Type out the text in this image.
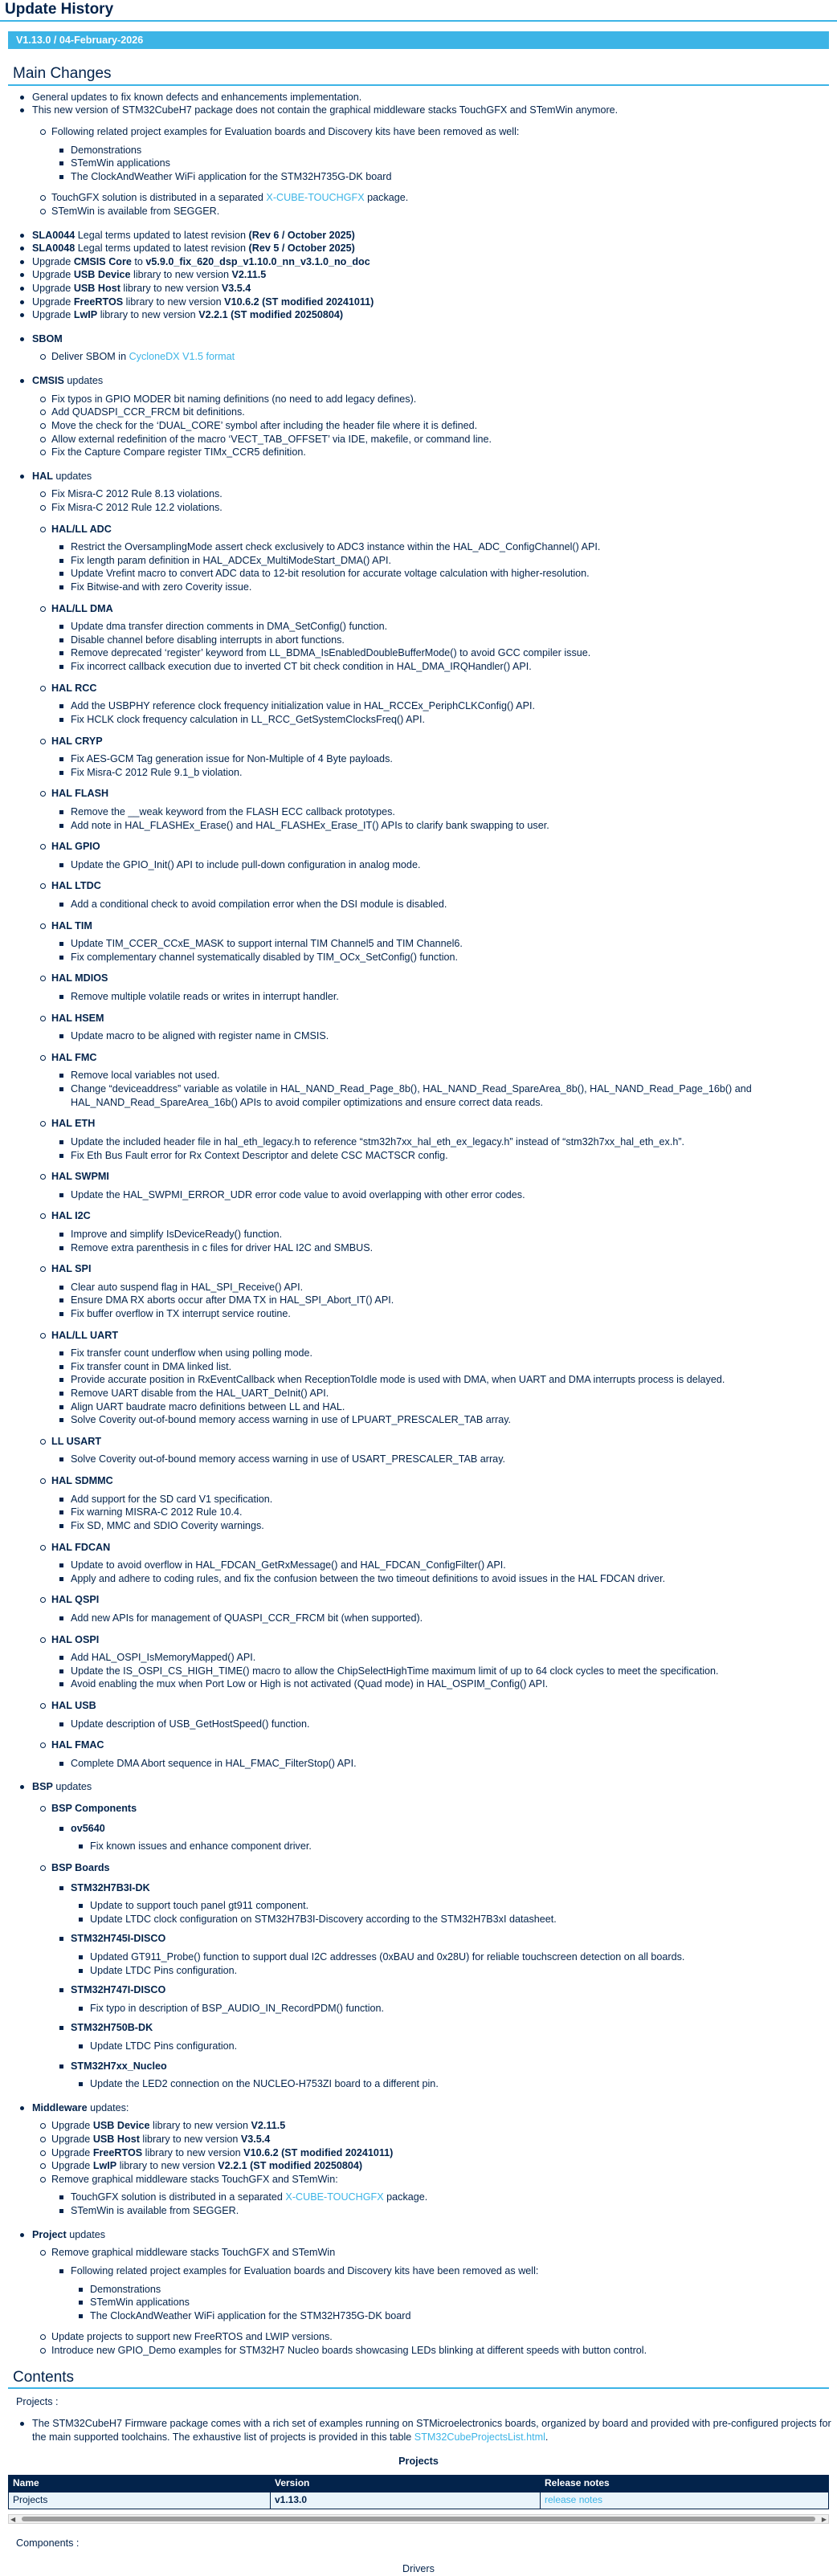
Update History
V1.13.0 / 04-February-2026
Main Changes
General updates to fix known defects and enhancements implementation.
This new version of STM32CubeH7 package does not contain the graphical middleware stacks TouchGFX and STemWin anymore.
Following related project examples for Evaluation boards and Discovery kits have been removed as well:
Demonstrations
STemWin applications
The ClockAndWeather WiFi application for the STM32H735G-DK board
TouchGFX solution is distributed in a separated X-CUBE-TOUCHGFX package.
STemWin is available from SEGGER.
SLA0044 Legal terms updated to latest revision (Rev 6 / October 2025)
SLA0048 Legal terms updated to latest revision (Rev 5 / October 2025)
Upgrade CMSIS Core to v5.9.0_fix_620_dsp_v1.10.0_nn_v3.1.0_no_doc
Upgrade USB Device library to new version V2.11.5
Upgrade USB Host library to new version V3.5.4
Upgrade FreeRTOS library to new version V10.6.2 (ST modified 20241011)
Upgrade LwIP library to new version V2.2.1 (ST modified 20250804)
SBOM
Deliver SBOM in CycloneDX V1.5 format
CMSIS updates
Fix typos in GPIO MODER bit naming definitions (no need to add legacy defines).
Add QUADSPI_CCR_FRCM bit definitions.
Move the check for the ‘DUAL_CORE’ symbol after including the header file where it is defined.
Allow external redefinition of the macro ‘VECT_TAB_OFFSET’ via IDE, makefile, or command line.
Fix the Capture Compare register TIMx_CCR5 definition.
HAL updates
Fix Misra-C 2012 Rule 8.13 violations.
Fix Misra-C 2012 Rule 12.2 violations.
HAL/LL ADC
Restrict the OversamplingMode assert check exclusively to ADC3 instance within the HAL_ADC_ConfigChannel() API.
Fix length param definition in HAL_ADCEx_MultiModeStart_DMA() API.
Update Vrefint macro to convert ADC data to 12-bit resolution for accurate voltage calculation with higher-resolution.
Fix Bitwise-and with zero Coverity issue.
HAL/LL DMA
Update dma transfer direction comments in DMA_SetConfig() function.
Disable channel before disabling interrupts in abort functions.
Remove deprecated ‘register’ keyword from LL_BDMA_IsEnabledDoubleBufferMode() to avoid GCC compiler issue.
Fix incorrect callback execution due to inverted CT bit check condition in HAL_DMA_IRQHandler() API.
HAL RCC
Add the USBPHY reference clock frequency initialization value in HAL_RCCEx_PeriphCLKConfig() API.
Fix HCLK clock frequency calculation in LL_RCC_GetSystemClocksFreq() API.
HAL CRYP
Fix AES-GCM Tag generation issue for Non-Multiple of 4 Byte payloads.
Fix Misra-C 2012 Rule 9.1_b violation.
HAL FLASH
Remove the __weak keyword from the FLASH ECC callback prototypes.
Add note in HAL_FLASHEx_Erase() and HAL_FLASHEx_Erase_IT() APIs to clarify bank swapping to user.
HAL GPIO
Update the GPIO_Init() API to include pull-down configuration in analog mode.
HAL LTDC
Add a conditional check to avoid compilation error when the DSI module is disabled.
HAL TIM
Update TIM_CCER_CCxE_MASK to support internal TIM Channel5 and TIM Channel6.
Fix complementary channel systematically disabled by TIM_OCx_SetConfig() function.
HAL MDIOS
Remove multiple volatile reads or writes in interrupt handler.
HAL HSEM
Update macro to be aligned with register name in CMSIS.
HAL FMC
Remove local variables not used.
Change “deviceaddress” variable as volatile in HAL_NAND_Read_Page_8b(), HAL_NAND_Read_SpareArea_8b(), HAL_NAND_Read_Page_16b() and HAL_NAND_Read_SpareArea_16b() APIs to avoid compiler optimizations and ensure correct data reads.
HAL ETH
Update the included header file in hal_eth_legacy.h to reference “stm32h7xx_hal_eth_ex_legacy.h” instead of “stm32h7xx_hal_eth_ex.h”.
Fix Eth Bus Fault error for Rx Context Descriptor and delete CSC MACTSCR config.
HAL SWPMI
Update the HAL_SWPMI_ERROR_UDR error code value to avoid overlapping with other error codes.
HAL I2C
Improve and simplify IsDeviceReady() function.
Remove extra parenthesis in c files for driver HAL I2C and SMBUS.
HAL SPI
Clear auto suspend flag in HAL_SPI_Receive() API.
Ensure DMA RX aborts occur after DMA TX in HAL_SPI_Abort_IT() API.
Fix buffer overflow in TX interrupt service routine.
HAL/LL UART
Fix transfer count underflow when using polling mode.
Fix transfer count in DMA linked list.
Provide accurate position in RxEventCallback when ReceptionToIdle mode is used with DMA, when UART and DMA interrupts process is delayed.
Remove UART disable from the HAL_UART_DeInit() API.
Align UART baudrate macro definitions between LL and HAL.
Solve Coverity out-of-bound memory access warning in use of LPUART_PRESCALER_TAB array.
LL USART
Solve Coverity out-of-bound memory access warning in use of USART_PRESCALER_TAB array.
HAL SDMMC
Add support for the SD card V1 specification.
Fix warning MISRA-C 2012 Rule 10.4.
Fix SD, MMC and SDIO Coverity warnings.
HAL FDCAN
Update to avoid overflow in HAL_FDCAN_GetRxMessage() and HAL_FDCAN_ConfigFilter() API.
Apply and adhere to coding rules, and fix the confusion between the two timeout definitions to avoid issues in the HAL FDCAN driver.
HAL QSPI
Add new APIs for management of QUASPI_CCR_FRCM bit (when supported).
HAL OSPI
Add HAL_OSPI_IsMemoryMapped() API.
Update the IS_OSPI_CS_HIGH_TIME() macro to allow the ChipSelectHighTime maximum limit of up to 64 clock cycles to meet the specification.
Avoid enabling the mux when Port Low or High is not activated (Quad mode) in HAL_OSPIM_Config() API.
HAL USB
Update description of USB_GetHostSpeed() function.
HAL FMAC
Complete DMA Abort sequence in HAL_FMAC_FilterStop() API.
BSP updates
BSP Components
ov5640
Fix known issues and enhance component driver.
BSP Boards
STM32H7B3I-DK
Update to support touch panel gt911 component.
Update LTDC clock configuration on STM32H7B3I-Discovery according to the STM32H7B3xI datasheet.
STM32H745I-DISCO
Updated GT911_Probe() function to support dual I2C addresses (0xBAU and 0x28U) for reliable touchscreen detection on all boards.
Update LTDC Pins configuration.
STM32H747I-DISCO
Fix typo in description of BSP_AUDIO_IN_RecordPDM() function.
STM32H750B-DK
Update LTDC Pins configuration.
STM32H7xx_Nucleo
Update the LED2 connection on the NUCLEO-H753ZI board to a different pin.
Middleware updates:
Upgrade USB Device library to new version V2.11.5
Upgrade USB Host library to new version V3.5.4
Upgrade FreeRTOS library to new version V10.6.2 (ST modified 20241011)
Upgrade LwIP library to new version V2.2.1 (ST modified 20250804)
Remove graphical middleware stacks TouchGFX and STemWin:
TouchGFX solution is distributed in a separated X-CUBE-TOUCHGFX package.
STemWin is available from SEGGER.
Project updates
Remove graphical middleware stacks TouchGFX and STemWin
Following related project examples for Evaluation boards and Discovery kits have been removed as well:
Demonstrations
STemWin applications
The ClockAndWeather WiFi application for the STM32H735G-DK board
Update projects to support new FreeRTOS and LWIP versions.
Introduce new GPIO_Demo examples for STM32H7 Nucleo boards showcasing LEDs blinking at different speeds with button control.
Contents
Projects :
The STM32CubeH7 Firmware package comes with a rich set of examples running on STMicroelectronics boards, organized by board and provided with pre-configured projects for the main supported toolchains. The exhaustive list of projects is provided in this table STM32CubeProjectsList.html.
Projects
Name	Version	Release notes
Projects	v1.13.0	release notes
◀	▶
Components :
Drivers
